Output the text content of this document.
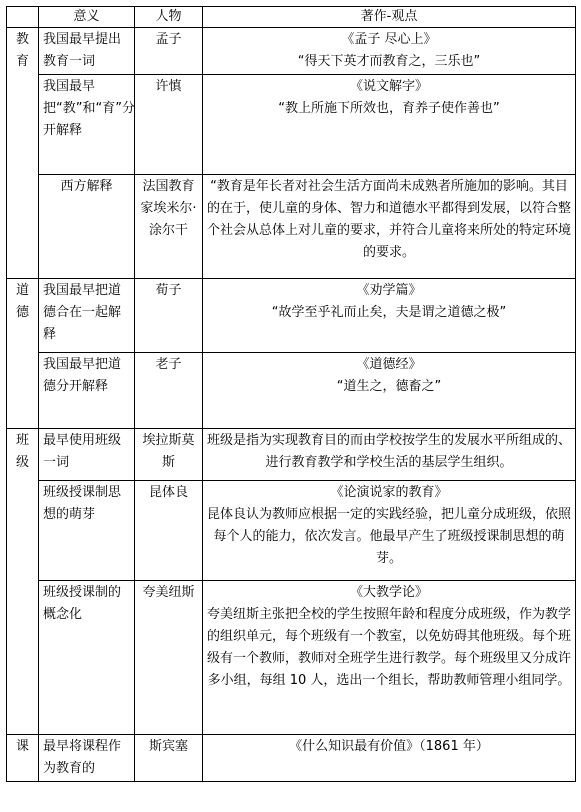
	意义	人物	著作-观点

教育	我国最早提出教育一词	孟子	《孟子 尽心上》
“得天下英才而教育之，三乐也”

	我国最早把“教”和“育”分开解释	许慎	《说文解字》
“教上所施下所效也，育养子使作善也”

	西方解释	法国教育家埃米尔·涂尔干	“教育是年长者对社会生活方面尚未成熟者所施加的影响。其目的在于，使儿童的身体、智力和道德水平都得到发展，以符合整个社会从总体上对儿童的要求，并符合儿童将来所处的特定环境的要求。

道德	我国最早把道德合在一起解释	荀子	《劝学篇》
“故学至乎礼而止矣，夫是谓之道德之极”

	我国最早把道德分开解释	老子	《道德经》
“道生之，德畜之”

班级	最早使用班级一词	埃拉斯莫斯	班级是指为实现教育目的而由学校按学生的发展水平所组成的、进行教育教学和学校生活的基层学生组织。

	班级授课制思想的萌芽	昆体良	《论演说家的教育》
昆体良认为教师应根据一定的实践经验，把儿童分成班级，依照每个人的能力，依次发言。他最早产生了班级授课制思想的萌芽。

	班级授课制的概念化	夸美纽斯	《大教学论》
夸美纽斯主张把全校的学生按照年龄和程度分成班级，作为教学的组织单元，每个班级有一个教室，以免妨碍其他班级。每个班级有一个教师，教师对全班学生进行教学。每个班级里又分成许多小组，每组 10 人，选出一个组长，帮助教师管理小组同学。

课	最早将课程作为教育的	斯宾塞	《什么知识最有价值》（1861 年）
